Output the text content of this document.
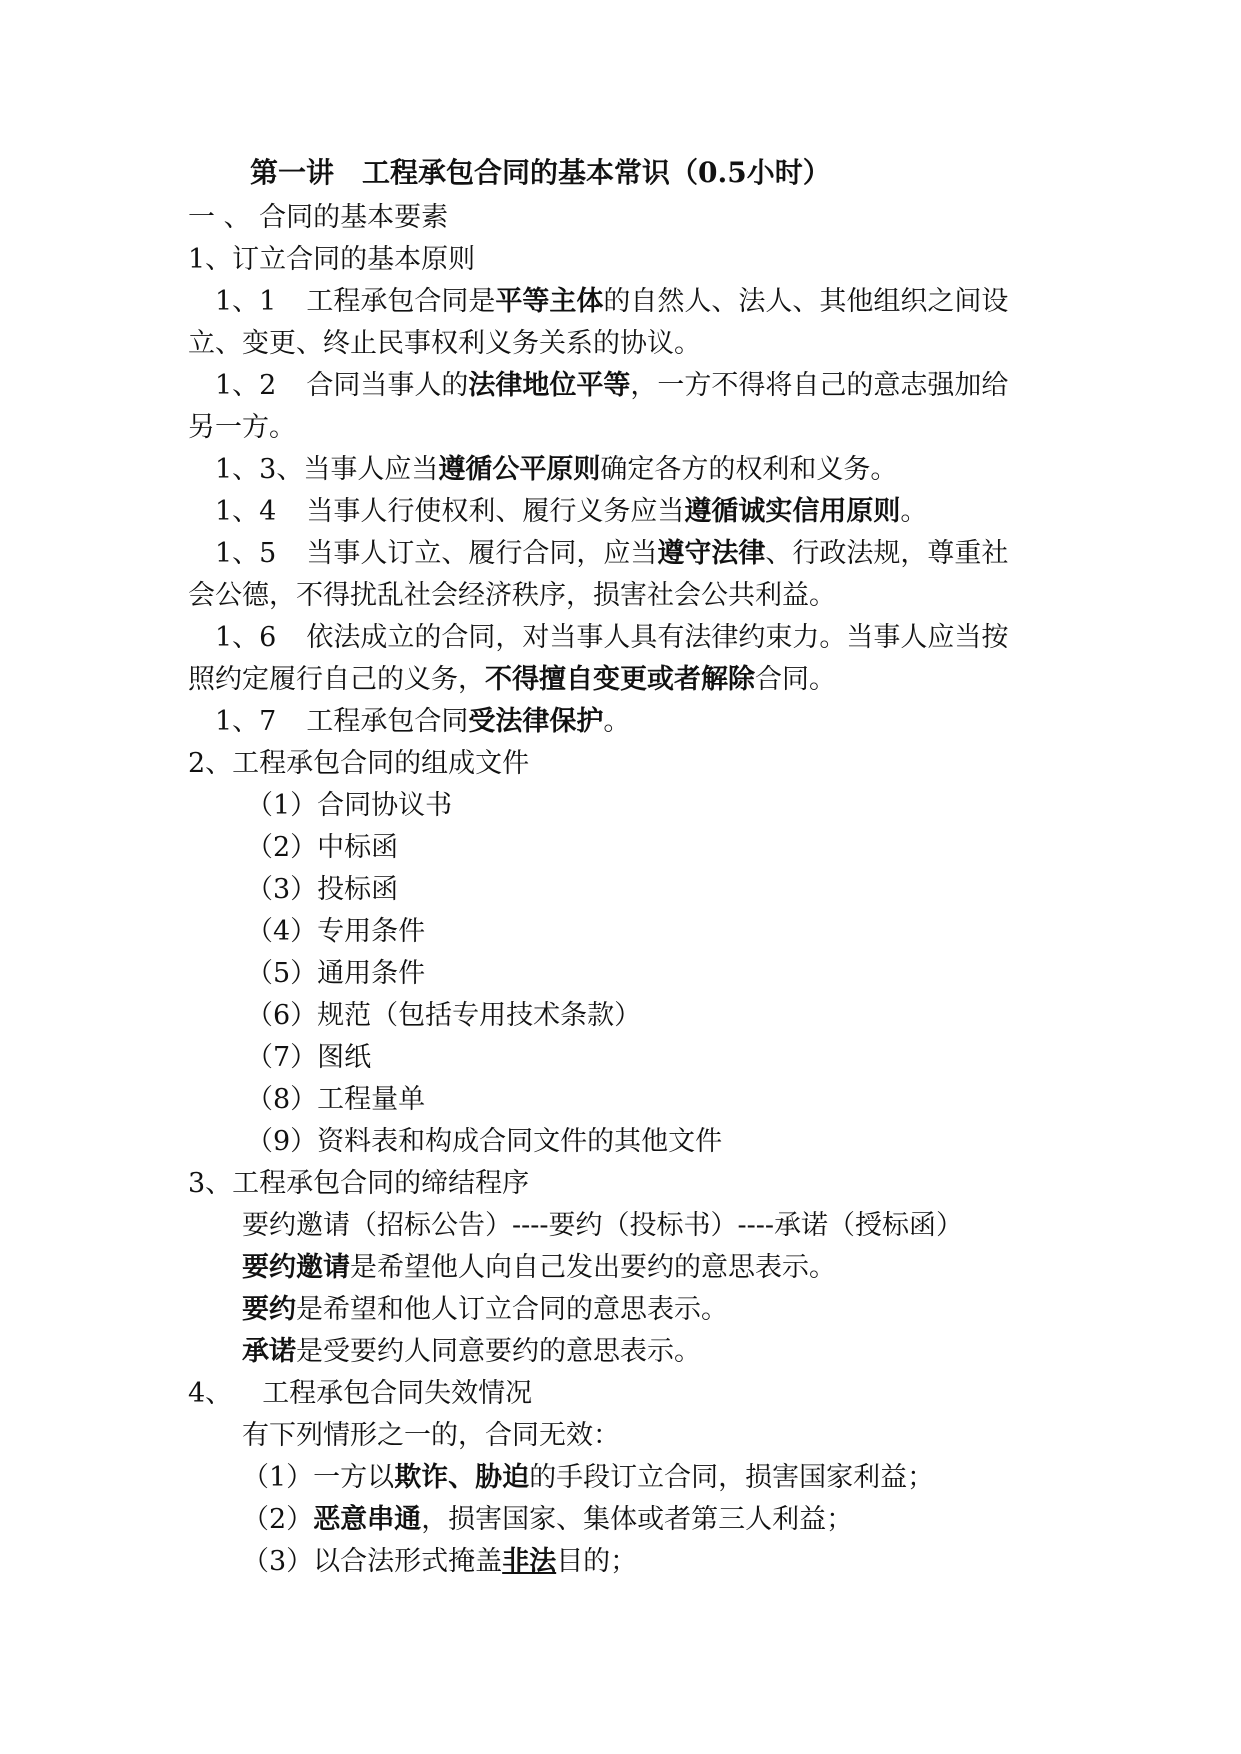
第一讲　工程承包合同的基本常识（0.5小时）
一 、 合同的基本要素
1、订立合同的基本原则
1、1 工程承包合同是平等主体的自然人、法人、其他组织之间设
立、变更、终止民事权利义务关系的协议。
1、2 合同当事人的法律地位平等，一方不得将自己的意志强加给
另一方。
1、3、当事人应当遵循公平原则确定各方的权利和义务。
1、4 当事人行使权利、履行义务应当遵循诚实信用原则。
1、5 当事人订立、履行合同，应当遵守法律、行政法规，尊重社
会公德，不得扰乱社会经济秩序，损害社会公共利益。
1、6 依法成立的合同，对当事人具有法律约束力。当事人应当按
照约定履行自己的义务，不得擅自变更或者解除合同。
1、7 工程承包合同受法律保护。
2、工程承包合同的组成文件
（1）合同协议书
（2）中标函
（3）投标函
（4）专用条件
（5）通用条件
（6）规范（包括专用技术条款）
（7）图纸
（8）工程量单
（9）资料表和构成合同文件的其他文件
3、工程承包合同的缔结程序
要约邀请（招标公告）----要约（投标书）----承诺（授标函）
要约邀请是希望他人向自己发出要约的意思表示。
要约是希望和他人订立合同的意思表示。
承诺是受要约人同意要约的意思表示。
4、 工程承包合同失效情况
有下列情形之一的，合同无效：
（1）一方以欺诈、胁迫的手段订立合同，损害国家利益；
（2）恶意串通，损害国家、集体或者第三人利益；
（3）以合法形式掩盖非法目的；
